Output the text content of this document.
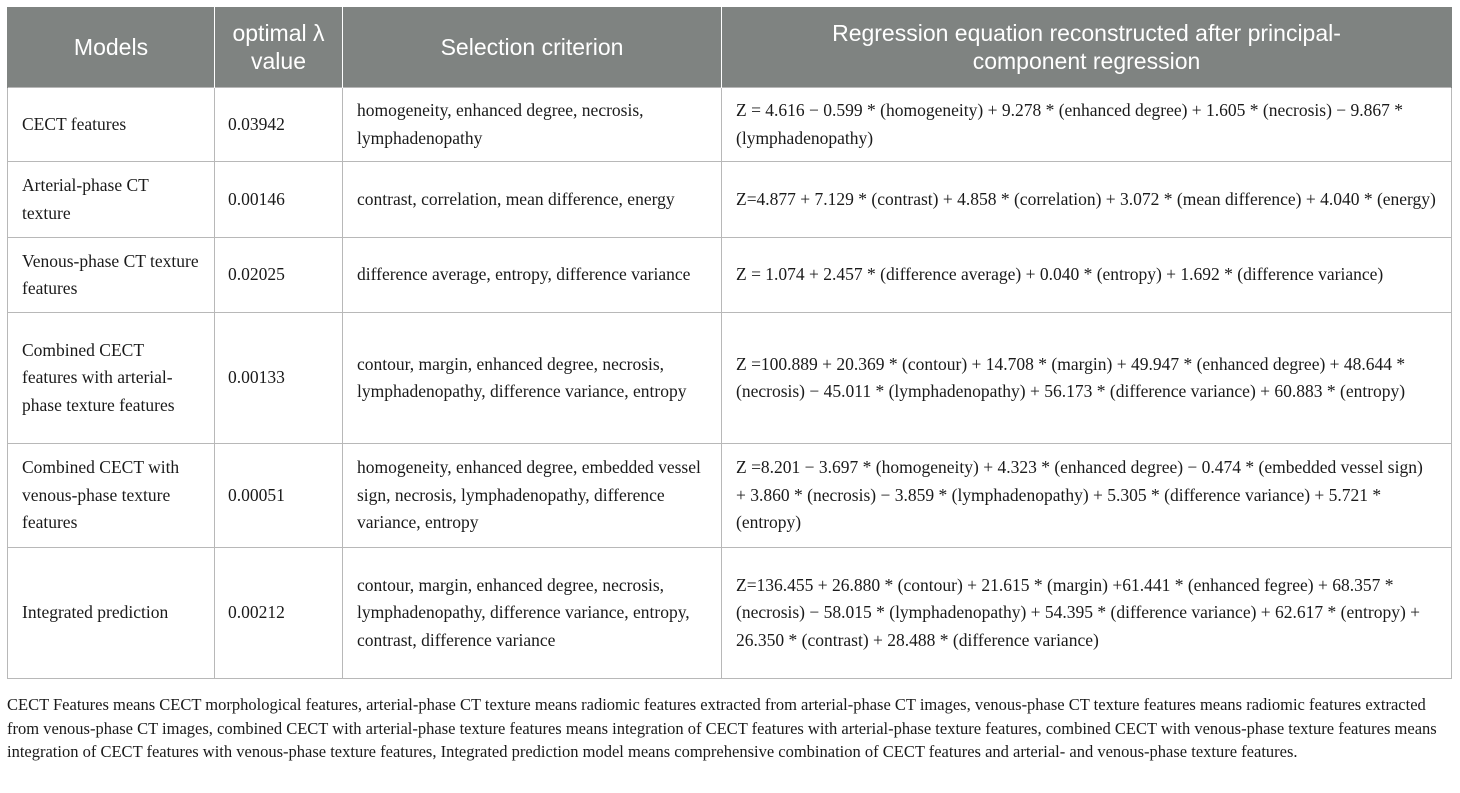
Models	optimal λ value	Selection criterion	Regression equation reconstructed after principal-component regression
CECT features	0.03942	homogeneity, enhanced degree, necrosis, lymphadenopathy	Z = 4.616 − 0.599 * (homogeneity) + 9.278 * (enhanced degree) + 1.605 * (necrosis) − 9.867 * (lymphadenopathy)
Arterial-phase CT texture	0.00146	contrast, correlation, mean difference, energy	Z=4.877 + 7.129 * (contrast) + 4.858 * (correlation) + 3.072 * (mean difference) + 4.040 * (energy)
Venous-phase CT texture features	0.02025	difference average, entropy, difference variance	Z = 1.074 + 2.457 * (difference average) + 0.040 * (entropy) + 1.692 * (difference variance)
Combined CECT features with arterial-phase texture features	0.00133	contour, margin, enhanced degree, necrosis, lymphadenopathy, difference variance, entropy	Z =100.889 + 20.369 * (contour) + 14.708 * (margin) + 49.947 * (enhanced degree) + 48.644 * (necrosis) − 45.011 * (lymphadenopathy) + 56.173 * (difference variance) + 60.883 * (entropy)
Combined CECT with venous-phase texture features	0.00051	homogeneity, enhanced degree, embedded vessel sign, necrosis, lymphadenopathy, difference variance, entropy	Z =8.201 − 3.697 * (homogeneity) + 4.323 * (enhanced degree) − 0.474 * (embedded vessel sign) + 3.860 * (necrosis) − 3.859 * (lymphadenopathy) + 5.305 * (difference variance) + 5.721 * (entropy)
Integrated prediction	0.00212	contour, margin, enhanced degree, necrosis, lymphadenopathy, difference variance, entropy, contrast, difference variance	Z=136.455 + 26.880 * (contour) + 21.615 * (margin) +61.441 * (enhanced fegree) + 68.357 * (necrosis) − 58.015 * (lymphadenopathy) + 54.395 * (difference variance) + 62.617 * (entropy) + 26.350 * (contrast) + 28.488 * (difference variance)

CECT Features means CECT morphological features, arterial-phase CT texture means radiomic features extracted from arterial-phase CT images, venous-phase CT texture features means radiomic features extracted from venous-phase CT images, combined CECT with arterial-phase texture features means integration of CECT features with arterial-phase texture features, combined CECT with venous-phase texture features means integration of CECT features with venous-phase texture features, Integrated prediction model means comprehensive combination of CECT features and arterial- and venous-phase texture features.
